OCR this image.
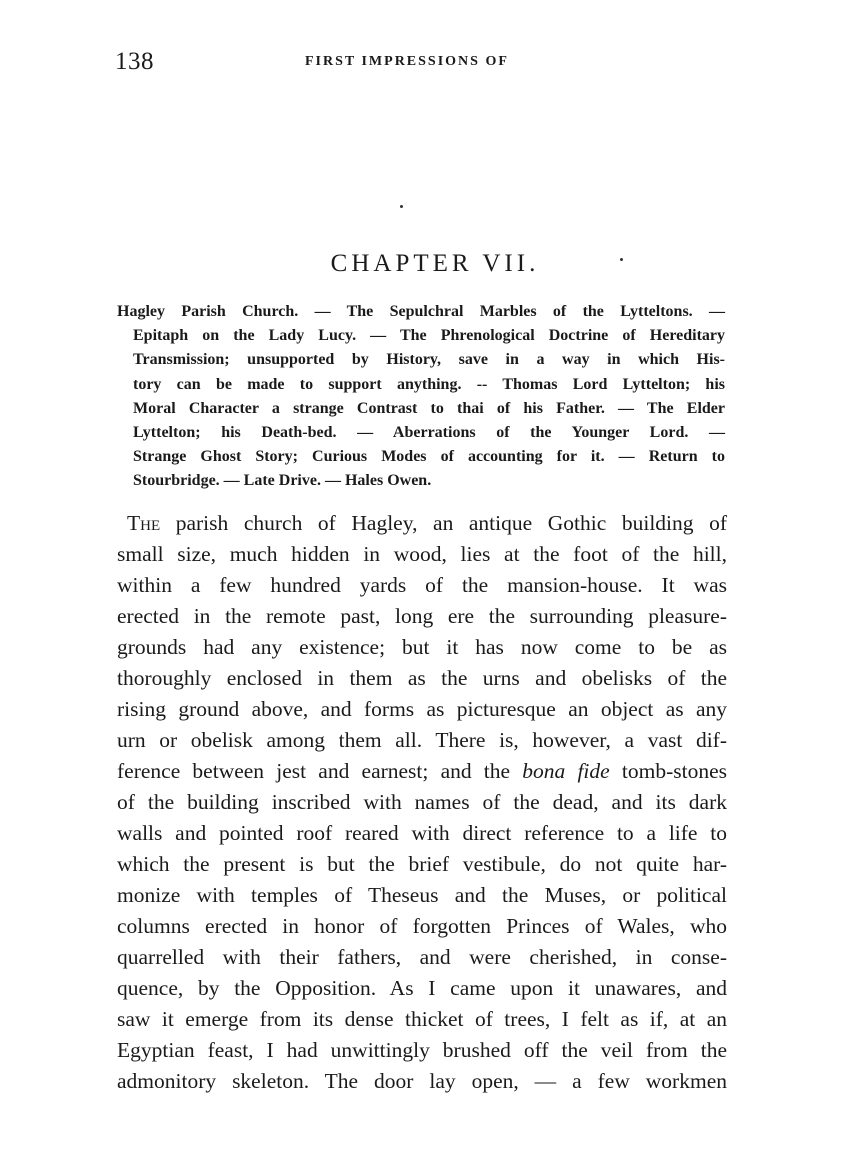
138	FIRST IMPRESSIONS OF
CHAPTER VII.
Hagley Parish Church. — The Sepulchral Marbles of the Lytteltons. —
Epitaph on the Lady Lucy. — The Phrenological Doctrine of Hereditary
Transmission; unsupported by History, save in a way in which His-
tory can be made to support anything. -- Thomas Lord Lyttelton; his
Moral Character a strange Contrast to thai of his Father. — The Elder
Lyttelton; his Death-bed. — Aberrations of the Younger Lord. —
Strange Ghost Story; Curious Modes of accounting for it. — Return to
Stourbridge. — Late Drive. — Hales Owen.
The parish church of Hagley, an antique Gothic building of
small size, much hidden in wood, lies at the foot of the hill,
within a few hundred yards of the mansion-house. It was
erected in the remote past, long ere the surrounding pleasure-
grounds had any existence; but it has now come to be as
thoroughly enclosed in them as the urns and obelisks of the
rising ground above, and forms as picturesque an object as any
urn or obelisk among them all. There is, however, a vast dif-
ference between jest and earnest; and the bona fide tomb-stones
of the building inscribed with names of the dead, and its dark
walls and pointed roof reared with direct reference to a life to
which the present is but the brief vestibule, do not quite har-
monize with temples of Theseus and the Muses, or political
columns erected in honor of forgotten Princes of Wales, who
quarrelled with their fathers, and were cherished, in conse-
quence, by the Opposition. As I came upon it unawares, and
saw it emerge from its dense thicket of trees, I felt as if, at an
Egyptian feast, I had unwittingly brushed off the veil from the
admonitory skeleton. The door lay open, — a few workmen
